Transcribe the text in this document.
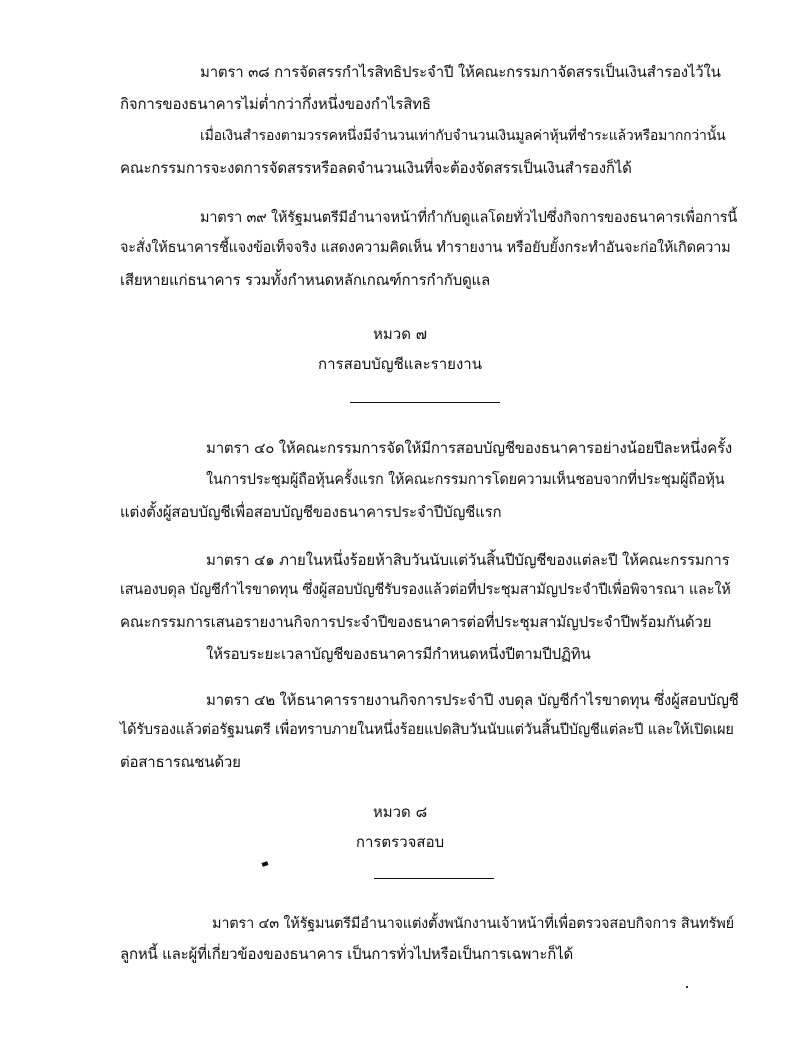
มาตรา ๓๘ การจัดสรรกำไรสิทธิประจำปี ให้คณะกรรมกาจัดสรรเป็นเงินสำรองไว้ใน
กิจการของธนาคารไม่ต่ำกว่ากึ่งหนึ่งของกำไรสิทธิ
เมื่อเงินสำรองตามวรรคหนึ่งมีจำนวนเท่ากับจำนวนเงินมูลค่าหุ้นที่ชำระแล้วหรือมากกว่านั้น
คณะกรรมการจะงดการจัดสรรหรือลดจำนวนเงินที่จะต้องจัดสรรเป็นเงินสำรองก็ได้
มาตรา ๓๙ ให้รัฐมนตรีมีอำนาจหน้าที่กำกับดูแลโดยทั่วไปซึ่งกิจการของธนาคารเพื่อการนี้
จะสั่งให้ธนาคารชี้แจงข้อเท็จจริง แสดงความคิดเห็น ทำรายงาน หรือยับยั้งกระทำอันจะก่อให้เกิดความ
เสียหายแก่ธนาคาร รวมทั้งกำหนดหลักเกณฑ์การกำกับดูแล
หมวด ๗
การสอบบัญชีและรายงาน
มาตรา ๔๐ ให้คณะกรรมการจัดให้มีการสอบบัญชีของธนาคารอย่างน้อยปีละหนึ่งครั้ง
ในการประชุมผู้ถือหุ้นครั้งแรก ให้คณะกรรมการโดยความเห็นชอบจากที่ประชุมผู้ถือหุ้น
แต่งตั้งผู้สอบบัญชีเพื่อสอบบัญชีของธนาคารประจำปีบัญชีแรก
มาตรา ๔๑ ภายในหนึ่งร้อยห้าสิบวันนับแต่วันสิ้นปีบัญชีของแต่ละปี ให้คณะกรรมการ
เสนองบดุล บัญชีกำไรขาดทุน ซึ่งผู้สอบบัญชีรับรองแล้วต่อที่ประชุมสามัญประจำปีเพื่อพิจารณา และให้
คณะกรรมการเสนอรายงานกิจการประจำปีของธนาคารต่อที่ประชุมสามัญประจำปีพร้อมกันด้วย
ให้รอบระยะเวลาบัญชีของธนาคารมีกำหนดหนึ่งปีตามปีปฏิทิน
มาตรา ๔๒ ให้ธนาคารรายงานกิจการประจำปี งบดุล บัญชีกำไรขาดทุน ซึ่งผู้สอบบัญชี
ได้รับรองแล้วต่อรัฐมนตรี เพื่อทราบภายในหนึ่งร้อยแปดสิบวันนับแต่วันสิ้นปีบัญชีแต่ละปี และให้เปิดเผย
ต่อสาธารณชนด้วย
หมวด ๘
การตรวจสอบ
มาตรา ๔๓ ให้รัฐมนตรีมีอำนาจแต่งตั้งพนักงานเจ้าหน้าที่เพื่อตรวจสอบกิจการ สินทรัพย์
ลูกหนี้ และผู้ที่เกี่ยวข้องของธนาคาร เป็นการทั่วไปหรือเป็นการเฉพาะก็ได้
